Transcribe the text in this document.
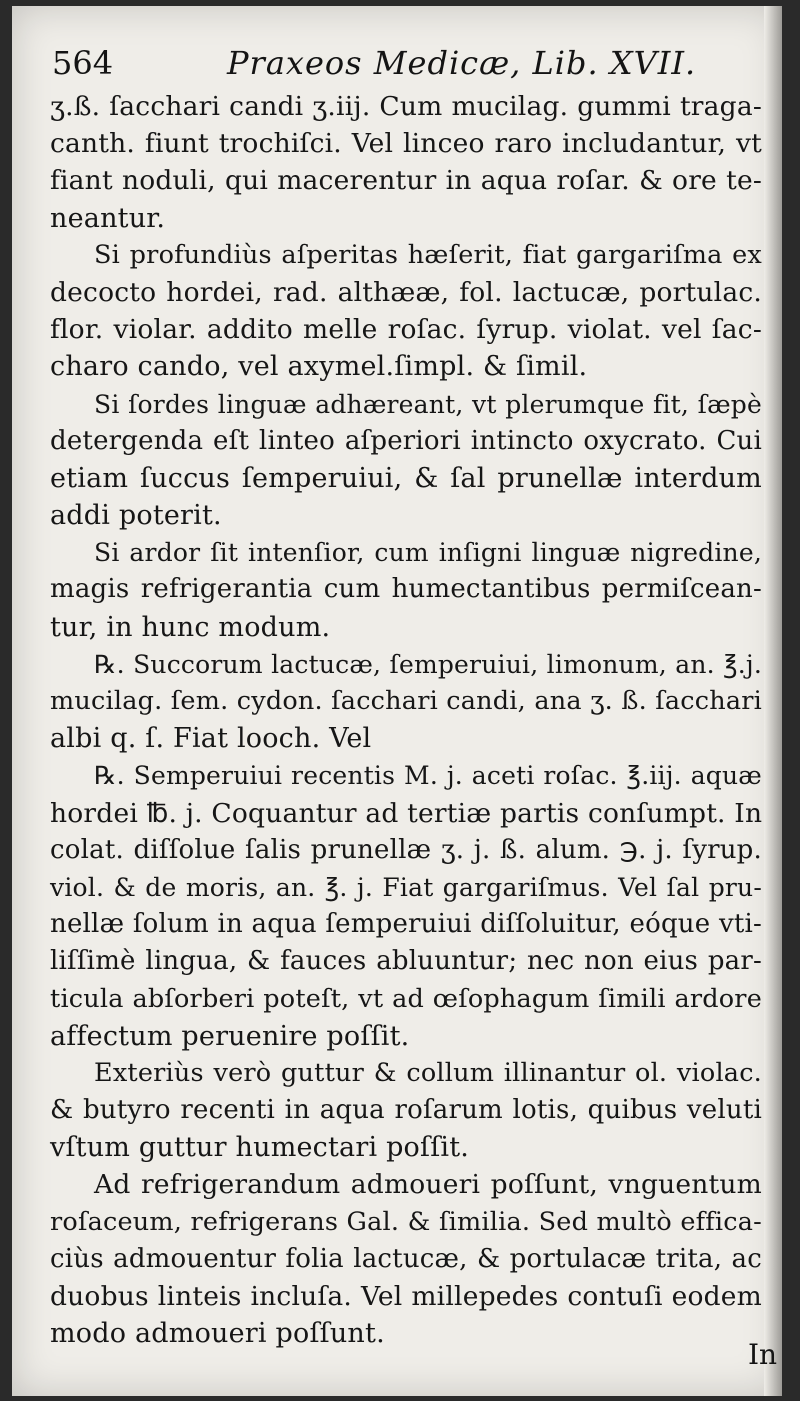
564	Praxeos Medicæ, Lib. XVII.
ʒ.ß. ſacchari candi ʒ.iij. Cum mucilag. gummi traga-
canth. fiunt trochiſci. Vel linceo raro includantur, vt
fiant noduli, qui macerentur in aqua roſar. & ore te-
neantur.
Si profundiùs aſperitas hæſerit, fiat gargariſma ex
decocto hordei, rad. althææ, fol. lactucæ, portulac.
flor. violar. addito melle roſac. ſyrup. violat. vel ſac-
charo cando, vel axymel.ſimpl. & ſimil.
Si ſordes linguæ adhæreant, vt plerumque fit, ſæpè
detergenda eſt linteo aſperiori intincto oxycrato. Cui
etiam ſuccus ſemperuiui, & ſal prunellæ interdum
addi poterit.
Si ardor ſit intenſior, cum inſigni linguæ nigredine,
magis refrigerantia cum humectantibus permiſcean-
tur, in hunc modum.
℞. Succorum lactucæ, ſemperuiui, limonum, an. ℥.j.
mucilag. ſem. cydon. ſacchari candi, ana ʒ. ß. ſacchari
albi q. ſ. Fiat looch. Vel
℞. Semperuiui recentis M. j. aceti roſac. ℥.iij. aquæ
hordei ℔. j. Coquantur ad tertiæ partis conſumpt. In
colat. diſſolue ſalis prunellæ ʒ. j. ß. alum. ℈. j. ſyrup.
viol. & de moris, an. ℥. j. Fiat gargariſmus. Vel ſal pru-
nellæ ſolum in aqua ſemperuiui diſſoluitur, eóque vti-
liſſimè lingua, & fauces abluuntur; nec non eius par-
ticula abſorberi poteſt, vt ad œſophagum ſimili ardore
affectum peruenire poſſit.
Exteriùs verò guttur & collum illinantur ol. violac.
& butyro recenti in aqua roſarum lotis, quibus veluti
vſtum guttur humectari poſſit.
Ad refrigerandum admoueri poſſunt, vnguentum
roſaceum, refrigerans Gal. & ſimilia. Sed multò effica-
ciùs admouentur folia lactucæ, & portulacæ trita, ac
duobus linteis incluſa. Vel millepedes contuſi eodem
modo admoueri poſſunt.
In
